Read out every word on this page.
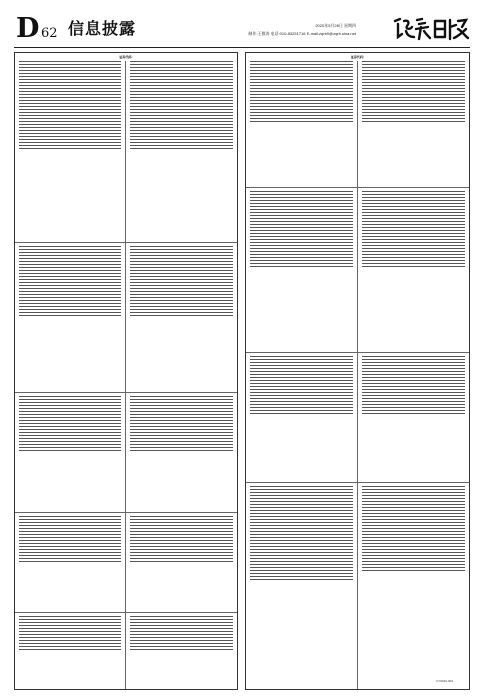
D 62 信息披露	2020年5月28日 星期四
制作:王敬涛 电话:010-83251716 E-mail:zqrb9@zqrb.sina.net
证券代码:	证券代码:
CY0010-002
